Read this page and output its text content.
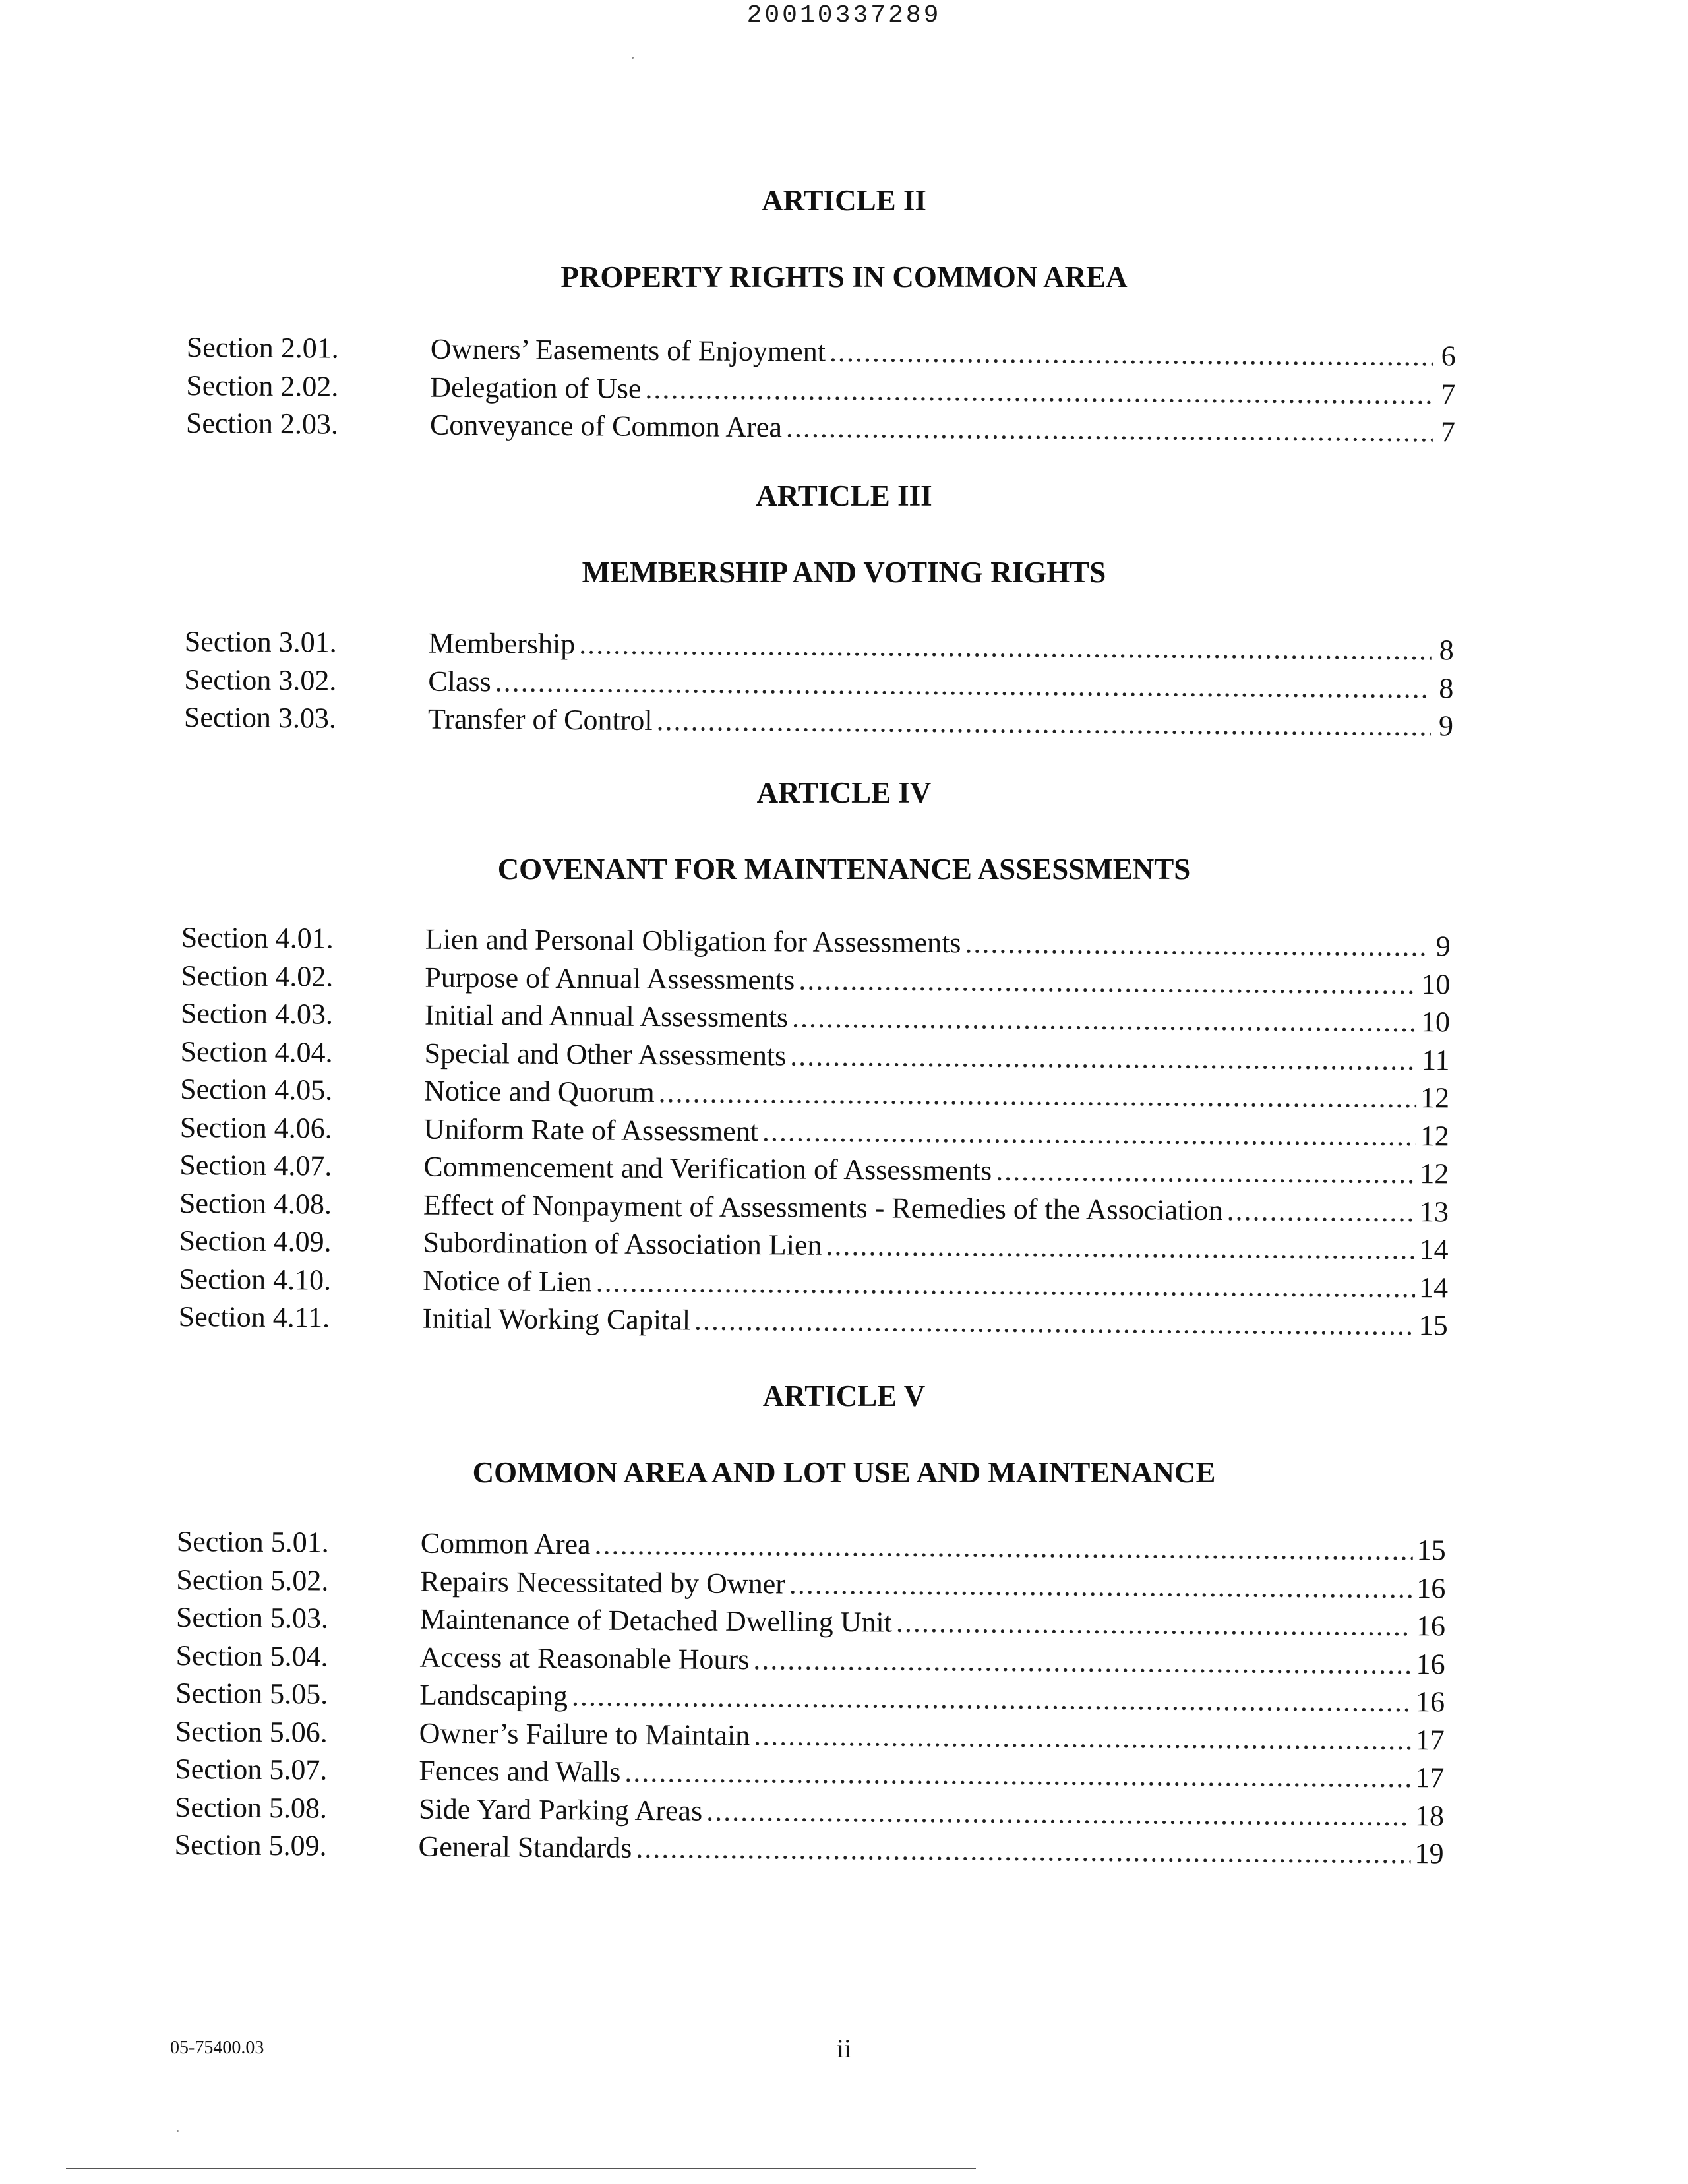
20010337289
ARTICLE II
PROPERTY RIGHTS IN COMMON AREA
Section 2.01.	Owners’ Easements of Enjoyment .....	6
Section 2.02.	Delegation of Use .....	7
Section 2.03.	Conveyance of Common Area .....	7
ARTICLE III
MEMBERSHIP AND VOTING RIGHTS
Section 3.01.	Membership .....	8
Section 3.02.	Class .....	8
Section 3.03.	Transfer of Control .....	9
ARTICLE IV
COVENANT FOR MAINTENANCE ASSESSMENTS
Section 4.01.	Lien and Personal Obligation for Assessments .....	9
Section 4.02.	Purpose of Annual Assessments .....	10
Section 4.03.	Initial and Annual Assessments .....	10
Section 4.04.	Special and Other Assessments .....	11
Section 4.05.	Notice and Quorum .....	12
Section 4.06.	Uniform Rate of Assessment .....	12
Section 4.07.	Commencement and Verification of Assessments .....	12
Section 4.08.	Effect of Nonpayment of Assessments - Remedies of the Association .....	13
Section 4.09.	Subordination of Association Lien .....	14
Section 4.10.	Notice of Lien .....	14
Section 4.11.	Initial Working Capital .....	15
ARTICLE V
COMMON AREA AND LOT USE AND MAINTENANCE
Section 5.01.	Common Area .....	15
Section 5.02.	Repairs Necessitated by Owner .....	16
Section 5.03.	Maintenance of Detached Dwelling Unit .....	16
Section 5.04.	Access at Reasonable Hours .....	16
Section 5.05.	Landscaping .....	16
Section 5.06.	Owner’s Failure to Maintain .....	17
Section 5.07.	Fences and Walls .....	17
Section 5.08.	Side Yard Parking Areas .....	18
Section 5.09.	General Standards .....	19
05-75400.03	ii
